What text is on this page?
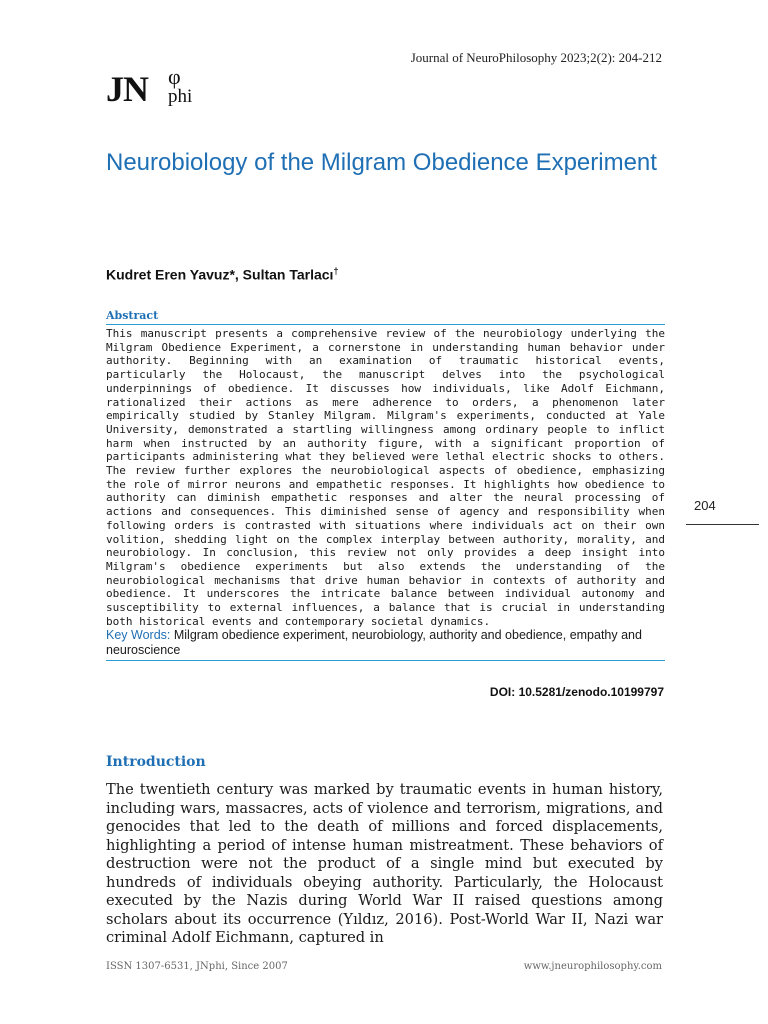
Journal of NeuroPhilosophy 2023;2(2): 204-212
JN φ
phi
Neurobiology of the Milgram Obedience Experiment
Kudret Eren Yavuz*, Sultan Tarlacı†

Abstract

This manuscript presents a comprehensive review of the neurobiology underlying the Milgram Obedience Experiment, a cornerstone in understanding human behavior under authority. Beginning with an examination of traumatic historical events, particularly the Holocaust, the manuscript delves into the psychological underpinnings of obedience. It discusses how individuals, like Adolf Eichmann, rationalized their actions as mere adherence to orders, a phenomenon later empirically studied by Stanley Milgram. Milgram's experiments, conducted at Yale University, demonstrated a startling willingness among ordinary people to inflict harm when instructed by an authority figure, with a significant proportion of participants administering what they believed were lethal electric shocks to others. The review further explores the neurobiological aspects of obedience, emphasizing the role of mirror neurons and empathetic responses. It highlights how obedience to authority can diminish empathetic responses and alter the neural processing of actions and consequences. This diminished sense of agency and responsibility when following orders is contrasted with situations where individuals act on their own volition, shedding light on the complex interplay between authority, morality, and neurobiology. In conclusion, this review not only provides a deep insight into Milgram's obedience experiments but also extends the understanding of the neurobiological mechanisms that drive human behavior in contexts of authority and obedience. It underscores the intricate balance between individual autonomy and susceptibility to external influences, a balance that is crucial in understanding both historical events and contemporary societal dynamics.

Key Words: Milgram obedience experiment, neurobiology, authority and obedience, empathy and neuroscience

DOI: 10.5281/zenodo.10199797
204
Introduction

The twentieth century was marked by traumatic events in human history, including wars, massacres, acts of violence and terrorism, migrations, and genocides that led to the death of millions and forced displacements, highlighting a period of intense human mistreatment. These behaviors of destruction were not the product of a single mind but executed by hundreds of individuals obeying authority. Particularly, the Holocaust executed by the Nazis during World War II raised questions among scholars about its occurrence (Yıldız, 2016). Post-World War II, Nazi war criminal Adolf Eichmann, captured in

ISSN 1307-6531, JNphi, Since 2007	www.jneurophilosophy.com
